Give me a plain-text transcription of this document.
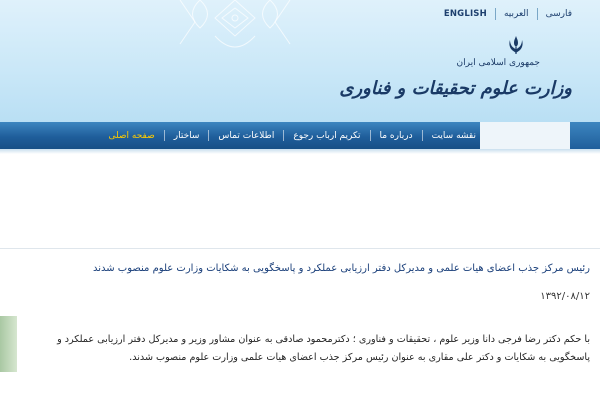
ENGLISH العربیه فارسی
جمهوری اسلامی ایران
وزارت علوم تحقیقات و فناوری
صفحه اصلی ساختار اطلاعات تماس تکریم ارباب رجوع درباره ما نقشه سایت
رئیس مرکز جذب اعضای هیات علمی و مدیرکل دفتر ارزیابی عملکرد و پاسخگویی به شکایات وزارت علوم منصوب شدند
۱۳۹۲/۰۸/۱۲
با حکم دکتر رضا فرجی دانا وزیر علوم ، تحقیقات و فناوری ؛ دکترمحمود صادقی به عنوان مشاور وزیر و مدیرکل دفتر ارزیابی عملکرد و پاسخگویی به شکایات و دکتر علی مقاری به عنوان رئیس مرکز جذب اعضای هیات علمی وزارت علوم منصوب شدند.
